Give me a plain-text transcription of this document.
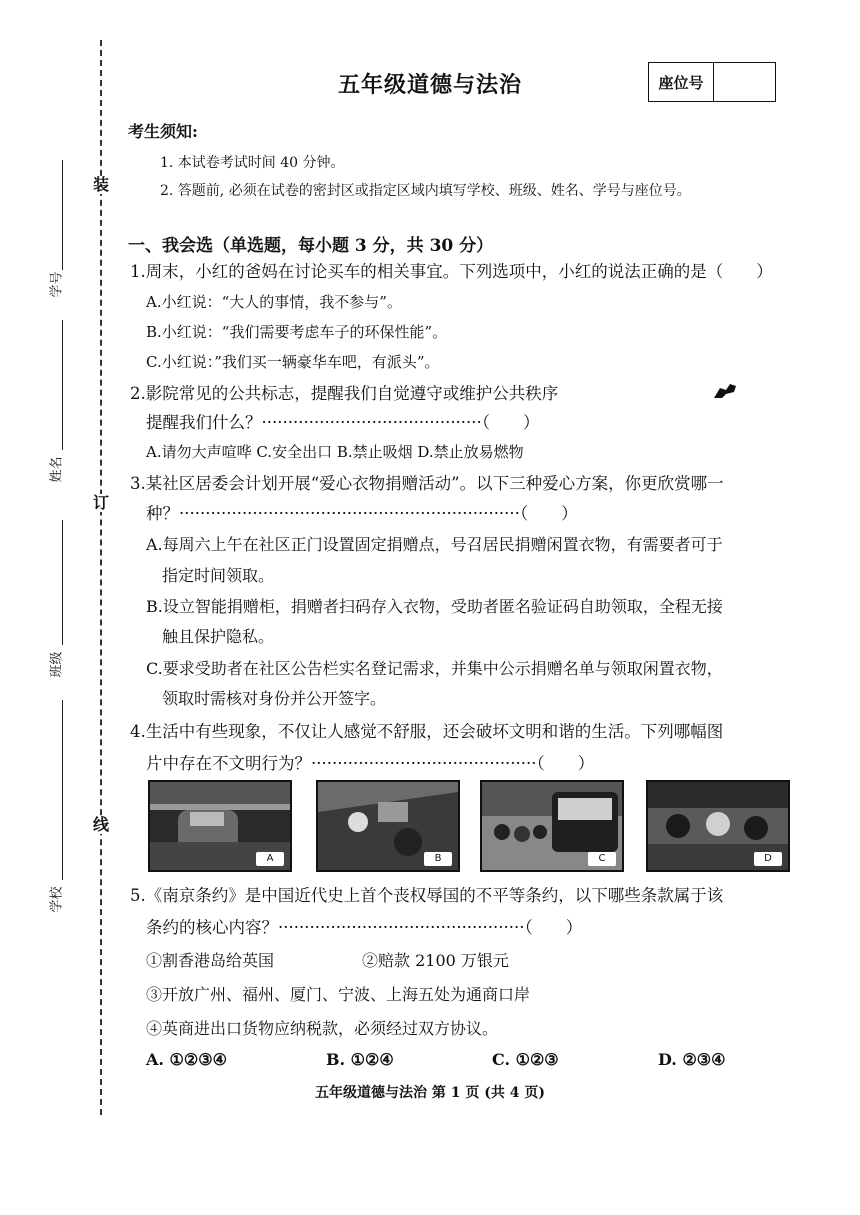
装
订
线
学号
姓名
班级
学校
五年级道德与法治	座位号
考生须知:
1. 本试卷考试时间 40 分钟。
2. 答题前, 必须在试卷的密封区或指定区域内填写学校、班级、姓名、学号与座位号。
一、我会选（单选题，每小题 3 分，共 30 分）
1.周末，小红的爸妈在讨论买车的相关事宜。下列选项中，小红的说法正确的是（　　）
A.小红说：“大人的事情，我不参与”。
B.小红说：“我们需要考虑车子的环保性能”。
C.小红说：”我们买一辆豪华车吧，有派头”。
2.影院常见的公共标志，提醒我们自觉遵守或维护公共秩序
提醒我们什么？··········································（　　）
A.请勿大声喧哗 C.安全出口 B.禁止吸烟 D.禁止放易燃物
3.某社区居委会计划开展“爱心衣物捐赠活动”。以下三种爱心方案，你更欣赏哪一
种？·································································（　　）
A.每周六上午在社区正门设置固定捐赠点，号召居民捐赠闲置衣物，有需要者可于
指定时间领取。
B.设立智能捐赠柜，捐赠者扫码存入衣物，受助者匿名验证码自助领取，全程无接
触且保护隐私。
C.要求受助者在社区公告栏实名登记需求，并集中公示捐赠名单与领取闲置衣物，
领取时需核对身份并公开签字。
4.生活中有些现象，不仅让人感觉不舒服，还会破坏文明和谐的生活。下列哪幅图
片中存在不文明行为？···········································（　　）
A	B	C	D
5.《南京条约》是中国近代史上首个丧权辱国的不平等条约，以下哪些条款属于该
条约的核心内容？···············································（　　）
①割香港岛给英国	②赔款 2100 万银元
③开放广州、福州、厦门、宁波、上海五处为通商口岸
④英商进出口货物应纳税款，必须经过双方协议。
A. ①②③④	B. ①②④	C. ①②③	D. ②③④
五年级道德与法治 第 1 页 (共 4 页)
